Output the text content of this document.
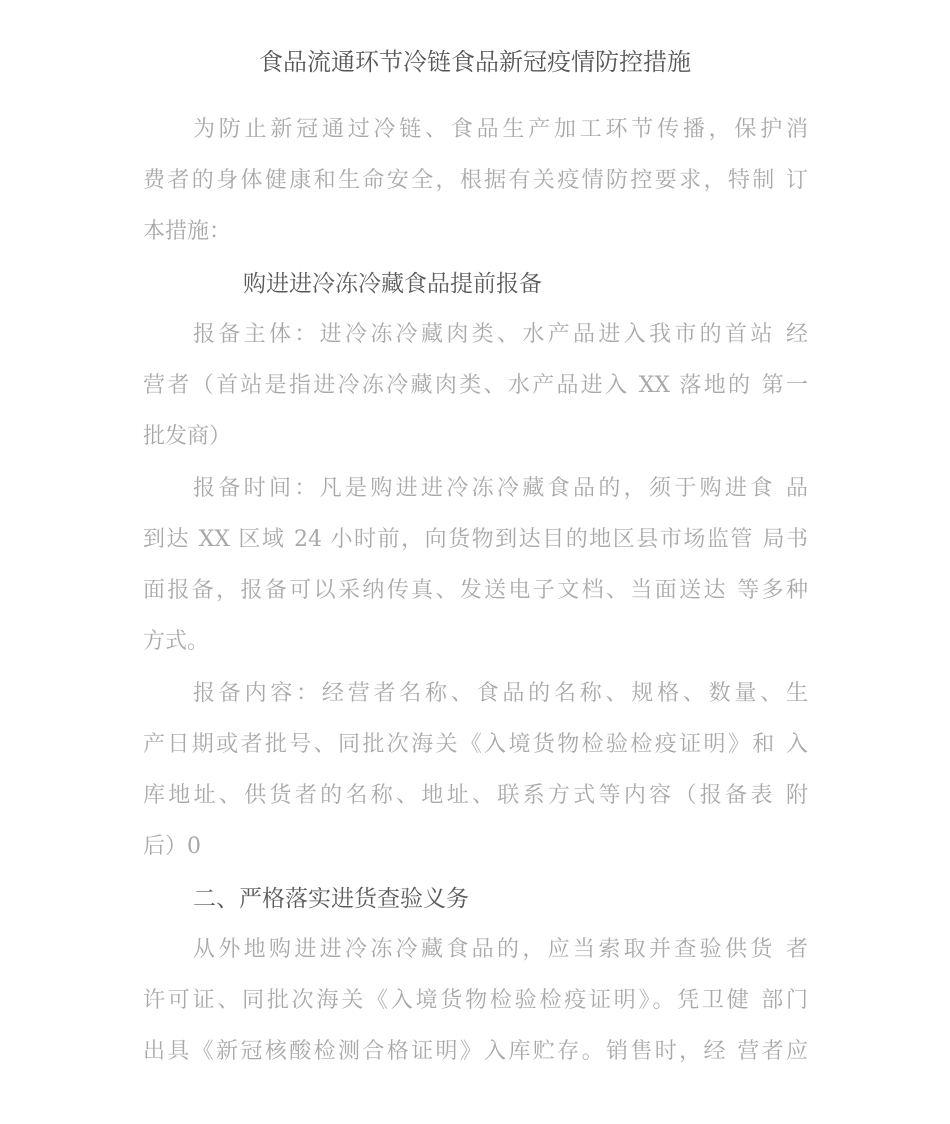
食品流通环节冷链食品新冠疫情防控措施

为防止新冠通过冷链、食品生产加工环节传播，保护消

费者的身体健康和生命安全，根据有关疫情防控要求，特制 订

本措施：

购进进冷冻冷藏食品提前报备

报备主体：进冷冻冷藏肉类、水产品进入我市的首站 经

营者（首站是指进冷冻冷藏肉类、水产品进入 XX 落地的 第一

批发商）

报备时间：凡是购进进冷冻冷藏食品的，须于购进食 品

到达 XX 区域 24 小时前，向货物到达目的地区县市场监管 局书

面报备，报备可以采纳传真、发送电子文档、当面送达 等多种

方式。

报备内容：经营者名称、食品的名称、规格、数量、生

产日期或者批号、同批次海关《入境货物检验检疫证明》和 入

库地址、供货者的名称、地址、联系方式等内容（报备表 附

后）0

二、严格落实进货查验义务

从外地购进进冷冻冷藏食品的，应当索取并查验供货 者

许可证、同批次海关《入境货物检验检疫证明》。凭卫健 部门

出具《新冠核酸检测合格证明》入库贮存。销售时，经 营者应
